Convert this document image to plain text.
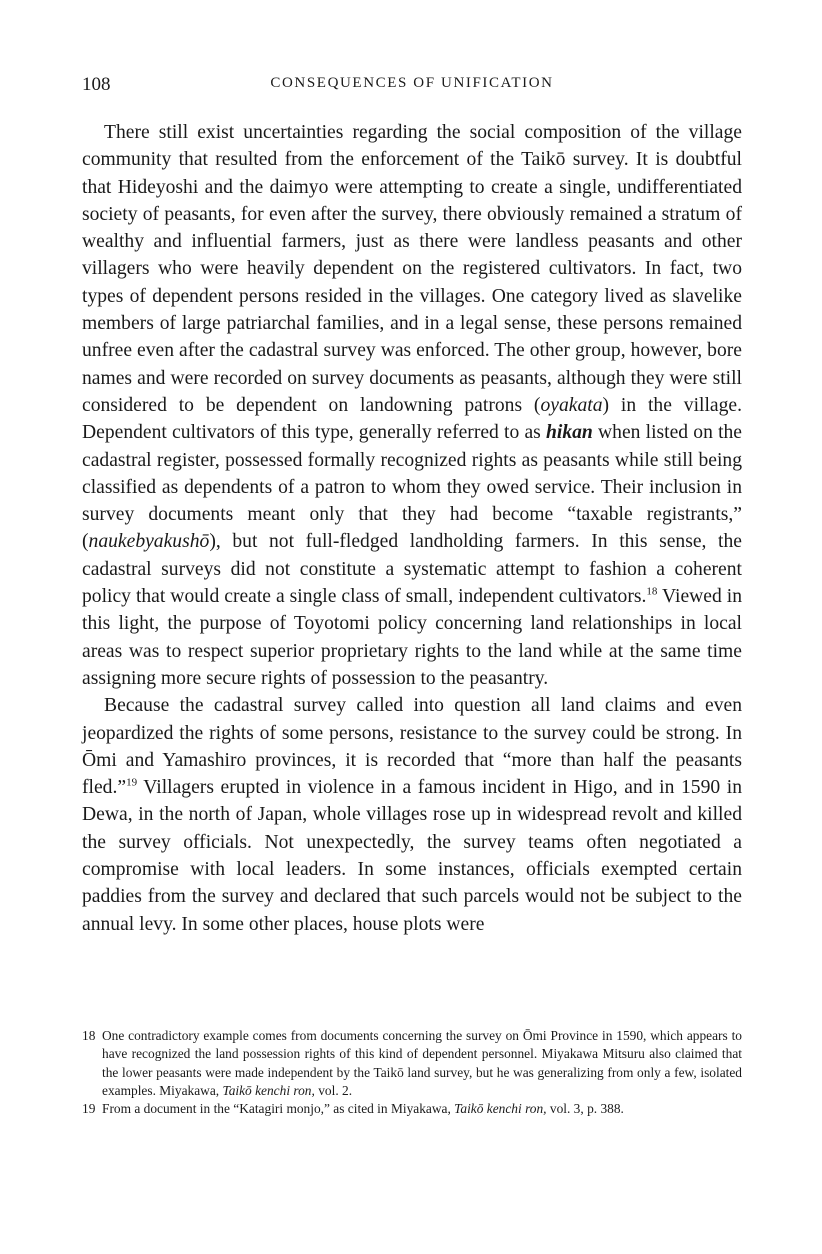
108	CONSEQUENCES OF UNIFICATION

There still exist uncertainties regarding the social composition of the village community that resulted from the enforcement of the Taikō survey. It is doubtful that Hideyoshi and the daimyo were attempting to create a single, undifferentiated society of peasants, for even after the survey, there obviously remained a stratum of wealthy and influential farmers, just as there were landless peasants and other villagers who were heavily dependent on the registered cultivators. In fact, two types of dependent persons resided in the villages. One category lived as slavelike members of large patriarchal families, and in a legal sense, these persons remained unfree even after the cadastral survey was enforced. The other group, however, bore names and were recorded on survey documents as peasants, although they were still considered to be dependent on landowning patrons (oyakata) in the village. Dependent cultivators of this type, generally referred to as hikan when listed on the cadastral register, possessed formally recognized rights as peasants while still being classified as dependents of a patron to whom they owed service. Their inclusion in survey documents meant only that they had become “taxable registrants,” (naukebyakushō), but not full-fledged landholding farmers. In this sense, the cadastral surveys did not constitute a systematic attempt to fashion a coherent policy that would create a single class of small, independent cultivators.$^{18}$ Viewed in this light, the purpose of Toyotomi policy concerning land relationships in local areas was to respect superior proprietary rights to the land while at the same time assigning more secure rights of possession to the peasantry.

Because the cadastral survey called into question all land claims and even jeopardized the rights of some persons, resistance to the survey could be strong. In Ōmi and Yamashiro provinces, it is recorded that “more than half the peasants fled.”$^{19}$ Villagers erupted in violence in a famous incident in Higo, and in 1590 in Dewa, in the north of Japan, whole villages rose up in widespread revolt and killed the survey officials. Not unexpectedly, the survey teams often negotiated a compromise with local leaders. In some instances, officials exempted certain paddies from the survey and declared that such parcels would not be subject to the annual levy. In some other places, house plots were

18 One contradictory example comes from documents concerning the survey on Ōmi Province in 1590, which appears to have recognized the land possession rights of this kind of dependent personnel. Miyakawa Mitsuru also claimed that the lower peasants were made independent by the Taikō land survey, but he was generalizing from only a few, isolated examples. Miyakawa, Taikō kenchi ron, vol. 2.

19 From a document in the “Katagiri monjo,” as cited in Miyakawa, Taikō kenchi ron, vol. 3, p. 388.
